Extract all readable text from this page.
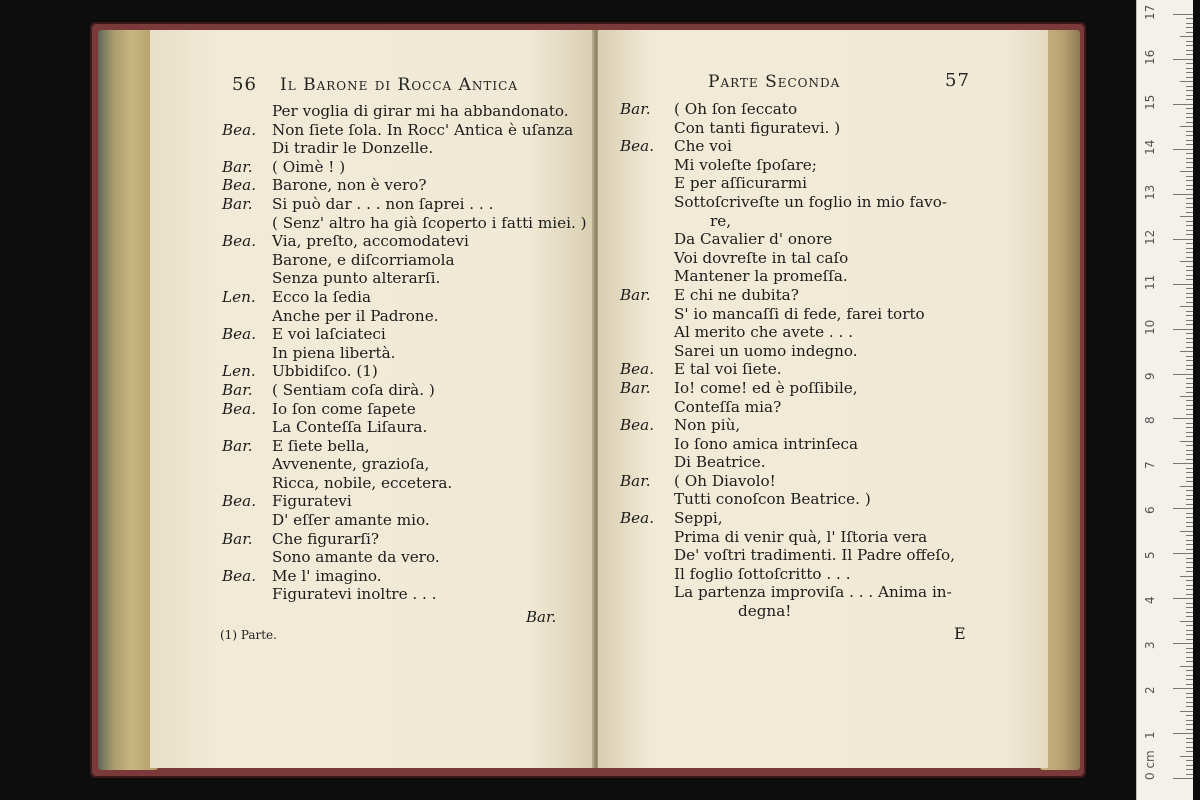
56 Il Barone di Rocca Antica
Per voglia di girar mi ha abbandonato.
Bea. Non ſiete ſola. In Rocc' Antica è uſanza
Di tradir le Donzelle.
Bar. ( Oimè ! )
Bea. Barone, non è vero?
Bar. Si può dar . . . non ſaprei . . .
( Senz' altro ha già ſcoperto i fatti miei. )
Bea. Via, preſto, accomodatevi
Barone, e diſcorriamola
Senza punto alterarſi.
Len. Ecco la ſedia
Anche per il Padrone.
Bea. E voi laſciateci
In piena libertà.
Len. Ubbidiſco. (1)
Bar. ( Sentiam coſa dirà. )
Bea. Io ſon come ſapete
La Conteſſa Liſaura.
Bar. E ſiete bella,
Avvenente, grazioſa,
Ricca, nobile, eccetera.
Bea. Figuratevi
D' eſſer amante mio.
Bar. Che figurarſi?
Sono amante da vero.
Bea. Me l' imagino.
Figuratevi inoltre . . .
Bar.
(1) Parte.
Parte Seconda	57
Bar. ( Oh ſon ſeccato
Con tanti figuratevi. )
Bea. Che voi
Mi voleſte ſpoſare;
E per aſſicurarmi
Sottoſcriveſte un foglio in mio favo-
re,
Da Cavalier d' onore
Voi dovreſte in tal caſo
Mantener la promeſſa.
Bar. E chi ne dubita?
S' io mancaſſi di fede, farei torto
Al merito che avete . . .
Sarei un uomo indegno.
Bea. E tal voi ſiete.
Bar. Io! come! ed è poſſibile,
Conteſſa mia?
Bea. Non più,
Io ſono amica intrinſeca
Di Beatrice.
Bar. ( Oh Diavolo!
Tutti conoſcon Beatrice. )
Bea. Seppi,
Prima di venir quà, l' Iſtoria vera
De' voſtri tradimenti. Il Padre offeſo,
Il foglio ſottoſcritto . . .
La partenza improviſa . . . Anima in-
degna!
E
0 cm
1
2
3
4
5
6
7
8
9
10
11
12
13
14
15
16
17
